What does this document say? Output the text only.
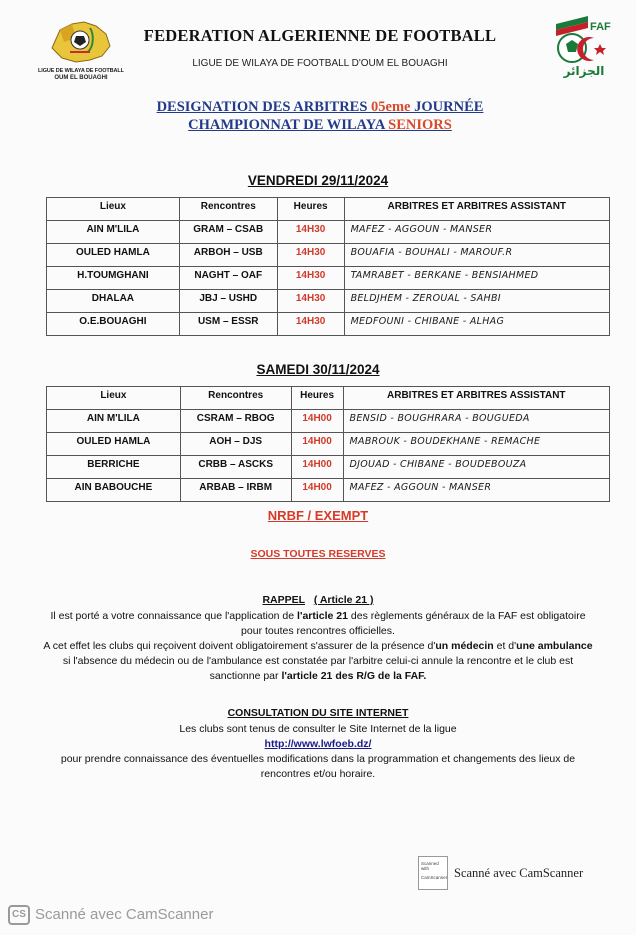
LIGUE DE WILAYA DE FOOTBALL
OUM EL BOUAGHI
FEDERATION ALGERIENNE DE FOOTBALL
LIGUE DE WILAYA DE FOOTBALL D'OUM EL BOUAGHI
FAF
الجزائر
DESIGNATION DES ARBITRES 05eme JOURNÉE
CHAMPIONNAT DE WILAYA SENIORS
VENDREDI 29/11/2024
Lieux	Rencontres	Heures	ARBITRES ET ARBITRES ASSISTANT
AIN M'LILA	GRAM – CSAB	14H30	MAFEZ - AGGOUN - MANSER
OULED HAMLA	ARBOH – USB	14H30	BOUAFIA - BOUHALI - MAROUF.R
H.TOUMGHANI	NAGHT – OAF	14H30	TAMRABET - BERKANE - BENSIAHMED
DHALAA	JBJ – USHD	14H30	BELDJHEM - ZEROUAL - SAHBI
O.E.BOUAGHI	USM – ESSR	14H30	MEDFOUNI - CHIBANE - ALHAG
SAMEDI 30/11/2024
Lieux	Rencontres	Heures	ARBITRES ET ARBITRES ASSISTANT
AIN M'LILA	CSRAM – RBOG	14H00	BENSID - BOUGHRARA - BOUGUEDA
OULED HAMLA	AOH – DJS	14H00	MABROUK - BOUDEKHANE - REMACHE
BERRICHE	CRBB – ASCKS	14H00	DJOUAD - CHIBANE - BOUDEBOUZA
AIN BABOUCHE	ARBAB – IRBM	14H00	MAFEZ - AGGOUN - MANSER
NRBF / EXEMPT
SOUS TOUTES RESERVES
RAPPEL ( Article 21 )
Il est porté a votre connaissance que l'application de l'article 21 des règlements généraux de la FAF est obligatoire pour toutes rencontres officielles.
A cet effet les clubs qui reçoivent doivent obligatoirement s'assurer de la présence d'un médecin et d'une ambulance si l'absence du médecin ou de l'ambulance est constatée par l'arbitre celui-ci annule la rencontre et le club est sanctionne par l'article 21 des R/G de la FAF.
CONSULTATION DU SITE INTERNET
Les clubs sont tenus de consulter le Site Internet de la ligue
http://www.lwfoeb.dz/
pour prendre connaissance des éventuelles modifications dans la programmation et changements des lieux de rencontres et/ou horaire.
Scanned with
CamScanner Scanné avec CamScanner
CS Scanné avec CamScanner
